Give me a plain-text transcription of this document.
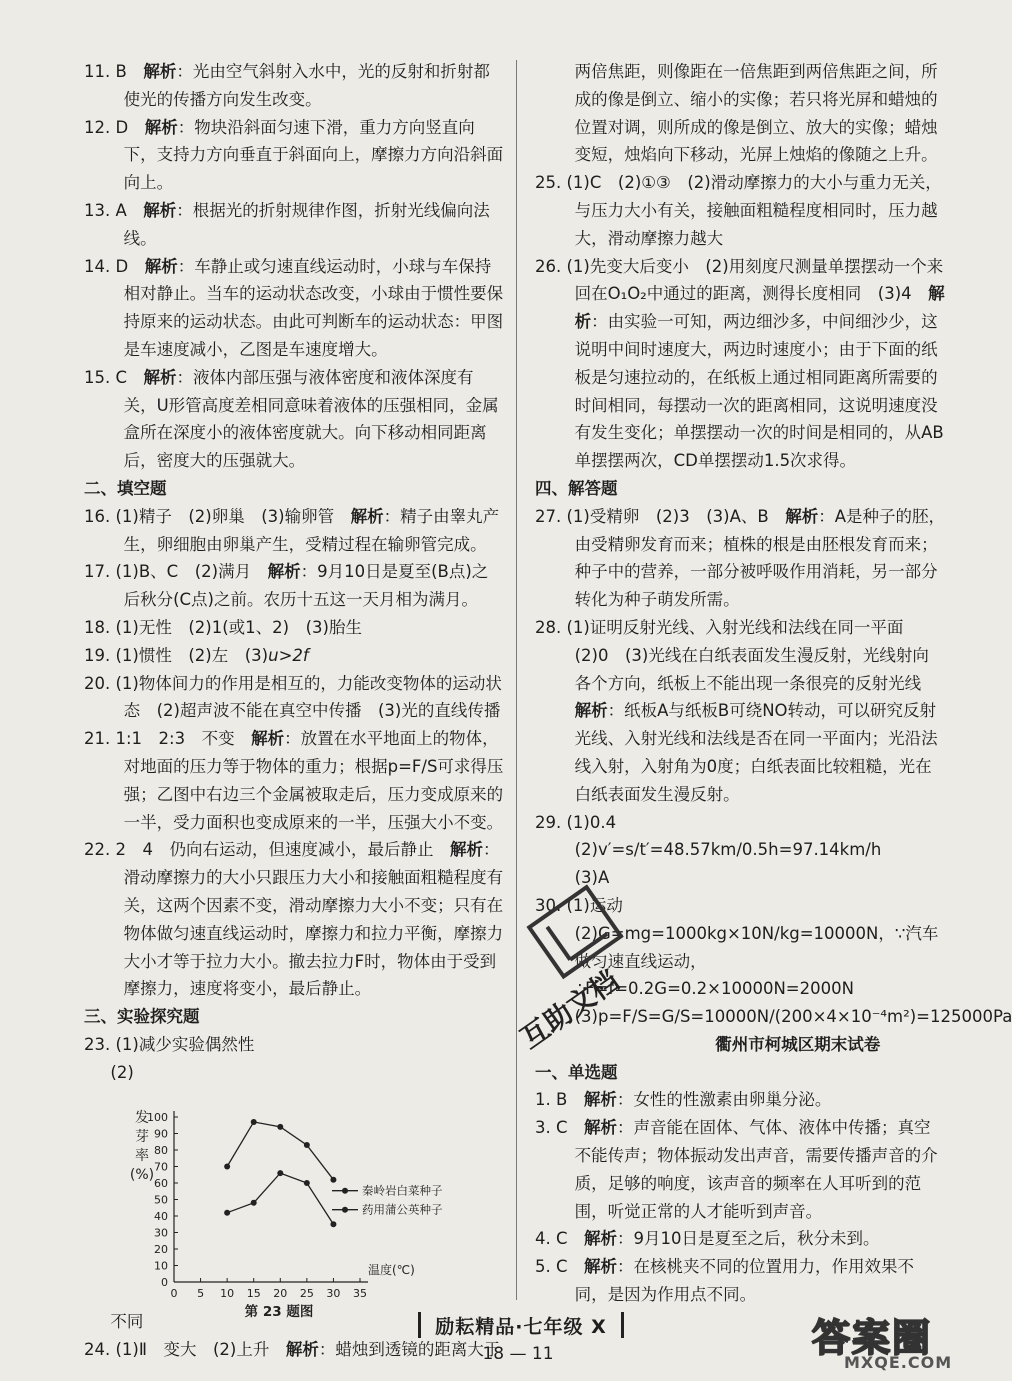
11. B　 解析：光由空气斜射入水中，光的反射和折射都使光的传播方向发生改变。

12. D　 解析：物块沿斜面匀速下滑，重力方向竖直向下，支持力方向垂直于斜面向上，摩擦力方向沿斜面向上。

13. A　 解析：根据光的折射规律作图，折射光线偏向法线。

14. D　 解析：车静止或匀速直线运动时，小球与车保持相对静止。当车的运动状态改变，小球由于惯性要保持原来的运动状态。由此可判断车的运动状态：甲图是车速度减小，乙图是车速度增大。

15. C　 解析：液体内部压强与液体密度和液体深度有关，U形管高度差相同意味着液体的压强相同，金属盒所在深度小的液体密度就大。向下移动相同距离后，密度大的压强就大。

二、填空题

16. (1)精子　(2)卵巢　(3)输卵管　解析：精子由睾丸产生，卵细胞由卵巢产生，受精过程在输卵管完成。

17. (1)B、C　(2)满月　解析：9月10日是夏至(B点)之后秋分(C点)之前。农历十五这一天月相为满月。

18. (1)无性　(2)1(或1、2)　(3)胎生

19. (1)惯性　(2)左　(3)u>2f

20. (1)物体间力的作用是相互的，力能改变物体的运动状态　(2)超声波不能在真空中传播　(3)光的直线传播

21. 1:1　2:3　不变　解析：放置在水平地面上的物体，对地面的压力等于物体的重力；根据p=F/S可求得压强；乙图中右边三个金属被取走后，压力变成原来的一半，受力面积也变成原来的一半，压强大小不变。

22. 2　4　仍向右运动，但速度减小，最后静止　解析：滑动摩擦力的大小只跟压力大小和接触面粗糙程度有关，这两个因素不变，滑动摩擦力大小不变；只有在物体做匀速直线运动时，摩擦力和拉力平衡，摩擦力大小才等于拉力大小。撤去拉力F时，物体由于受到摩擦力，速度将变小，最后静止。

三、实验探究题

23. (1)减少实验偶然性

(2)

0
10
20
30
40
50
60
70
80
90
100
0 5 10 15 20 25 30 35
发
芽
率
(%)
温度(℃)
秦岭岩白菜种子
药用蒲公英种子
第 23 题图

不同

24. (1)Ⅱ　变大　(2)上升　解析：蜡烛到透镜的距离大于

两倍焦距，则像距在一倍焦距到两倍焦距之间，所成的像是倒立、缩小的实像；若只将光屏和蜡烛的位置对调，则所成的像是倒立、放大的实像；蜡烛变短，烛焰向下移动，光屏上烛焰的像随之上升。

25. (1)C　(2)①③　(2)滑动摩擦力的大小与重力无关，与压力大小有关，接触面粗糙程度相同时，压力越大，滑动摩擦力越大

26. (1)先变大后变小　(2)用刻度尺测量单摆摆动一个来回在O₁O₂中通过的距离，测得长度相同　(3)4　解析：由实验一可知，两边细沙多，中间细沙少，这说明中间时速度大，两边时速度小；由于下面的纸板是匀速拉动的，在纸板上通过相同距离所需要的时间相同，每摆动一次的距离相同，这说明速度没有发生变化；单摆摆动一次的时间是相同的，从AB单摆摆两次，CD单摆摆动1.5次求得。

四、解答题

27. (1)受精卵　(2)3　(3)A、B　解析：A是种子的胚，由受精卵发育而来；植株的根是由胚根发育而来；种子中的营养，一部分被呼吸作用消耗，另一部分转化为种子萌发所需。

28. (1)证明反射光线、入射光线和法线在同一平面　(2)0　(3)光线在白纸表面发生漫反射，光线射向各个方向，纸板上不能出现一条很亮的反射光线　解析：纸板A与纸板B可绕NO转动，可以研究反射光线、入射光线和法线是否在同一平面内；光沿法线入射，入射角为0度；白纸表面比较粗糙，光在白纸表面发生漫反射。

29. (1)0.4

(2)v′=s/t′=48.57km/0.5h=97.14km/h

(3)A

30. (1)运动

(2)G=mg=1000kg×10N/kg=10000N，∵汽车做匀速直线运动，∴F=f=0.2G=0.2×10000N=2000N

(3)p=F/S=G/S=10000N/(200×4×10⁻⁴m²)=125000Pa

衢州市柯城区期末试卷

一、单选题

1. B　解析：女性的性激素由卵巢分泌。

3. C　解析：声音能在固体、气体、液体中传播；真空不能传声；物体振动发出声音，需要传播声音的介质，足够的响度，该声音的频率在人耳听到的范围，听觉正常的人才能听到声音。

4. C　解析：9月10日是夏至之后，秋分未到。

5. C　解析：在核桃夹不同的位置用力，作用效果不同，是因为作用点不同。

互助文档
励耘精品·七年级 X
18 — 11	答案圈
MXQE.COM
